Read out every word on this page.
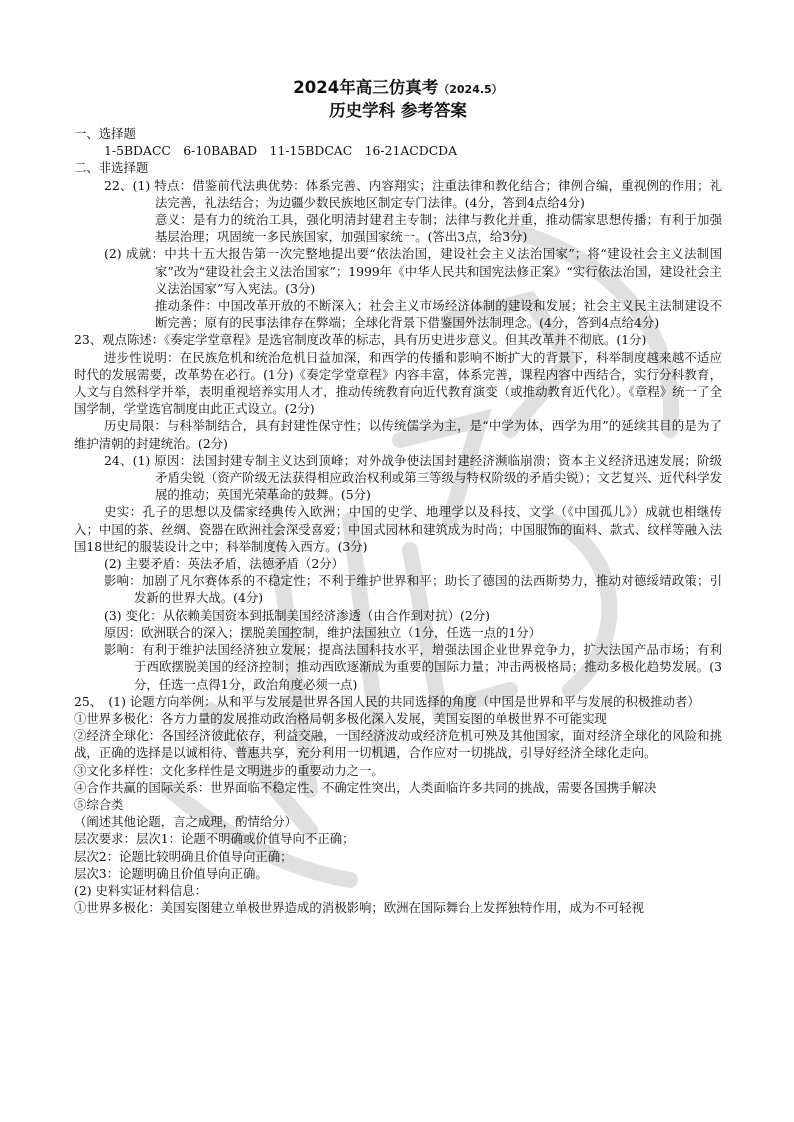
2024年高三仿真考（2024.5）

历史学科 参考答案

一、选择题

1-5BDACC　6-10BABAD　11-15BDCAC　16-21ACDCDA

二、非选择题

22、(1) 特点：借鉴前代法典优势：体系完善、内容翔实；注重法律和教化结合；律例合编，重视例的作用；礼法完善，礼法结合；为边疆少数民族地区制定专门法律。(4分，答到4点给4分)

意义：是有力的统治工具，强化明清封建君主专制；法律与教化并重，推动儒家思想传播；有利于加强基层治理；巩固统一多民族国家，加强国家统一。(答出3点，给3分)

(2) 成就：中共十五大报告第一次完整地提出要“依法治国，建设社会主义法治国家”；将“建设社会主义法制国家”改为“建设社会主义法治国家”；1999年《中华人民共和国宪法修正案》“实行依法治国，建设社会主义法治国家”写入宪法。(3分)

推动条件：中国改革开放的不断深入；社会主义市场经济体制的建设和发展；社会主义民主法制建设不断完善；原有的民事法律存在弊端；全球化背景下借鉴国外法制理念。(4分，答到4点给4分)

23、观点陈述：《奏定学堂章程》是选官制度改革的标志，具有历史进步意义。但其改革并不彻底。(1分)

进步性说明：在民族危机和统治危机日益加深，和西学的传播和影响不断扩大的背景下，科举制度越来越不适应时代的发展需要，改革势在必行。(1分)《奏定学堂章程》内容丰富，体系完善，课程内容中西结合，实行分科教育，人文与自然科学并举，表明重视培养实用人才，推动传统教育向近代教育演变（或推动教育近代化）。《章程》统一了全国学制，学堂选官制度由此正式设立。(2分)

历史局限：与科举制结合，具有封建性保守性；以传统儒学为主，是“中学为体，西学为用”的延续其目的是为了维护清朝的封建统治。(2分)

24、(1) 原因：法国封建专制主义达到顶峰；对外战争使法国封建经济濒临崩溃；资本主义经济迅速发展；阶级矛盾尖锐（资产阶级无法获得相应政治权利或第三等级与特权阶级的矛盾尖锐）；文艺复兴、近代科学发展的推动；英国光荣革命的鼓舞。(5分)

史实：孔子的思想以及儒家经典传入欧洲；中国的史学、地理学以及科技、文学（《中国孤儿》）成就也相继传入；中国的茶、丝绸、瓷器在欧洲社会深受喜爱；中国式园林和建筑成为时尚；中国服饰的面料、款式、纹样等融入法国18世纪的服装设计之中；科举制度传入西方。(3分)

(2) 主要矛盾：英法矛盾，法德矛盾（2分）

影响：加剧了凡尔赛体系的不稳定性；不利于维护世界和平；助长了德国的法西斯势力，推动对德绥靖政策；引发新的世界大战。(4分)

(3) 变化：从依赖美国资本到抵制美国经济渗透（由合作到对抗）(2分)

原因：欧洲联合的深入；摆脱美国控制，维护法国独立（1分，任选一点的1分）

影响：有利于维护法国经济独立发展；提高法国科技水平，增强法国企业世界竞争力，扩大法国产品市场；有利于西欧摆脱美国的经济控制；推动西欧逐渐成为重要的国际力量；冲击两极格局；推动多极化趋势发展。(3分，任选一点得1分，政治角度必须一点)

25、　(1) 论题方向举例：从和平与发展是世界各国人民的共同选择的角度（中国是世界和平与发展的积极推动者）

①世界多极化：各方力量的发展推动政治格局朝多极化深入发展，美国妄图的单极世界不可能实现

②经济全球化：各国经济彼此依存，利益交融，一国经济波动或经济危机可殃及其他国家，面对经济全球化的风险和挑战，正确的选择是以诚相待、普惠共享，充分利用一切机遇，合作应对一切挑战，引导好经济全球化走向。

③文化多样性：文化多样性是文明进步的重要动力之一。

④合作共赢的国际关系：世界面临不稳定性、不确定性突出，人类面临许多共同的挑战，需要各国携手解决

⑤综合类

（阐述其他论题，言之成理，酌情给分）

层次要求：层次1：论题不明确或价值导向不正确；

层次2：论题比较明确且价值导向正确；

层次3：论题明确且价值导向正确。

(2) 史料实证材料信息：

①世界多极化：美国妄图建立单极世界造成的消极影响；欧洲在国际舞台上发挥独特作用，成为不可轻视
